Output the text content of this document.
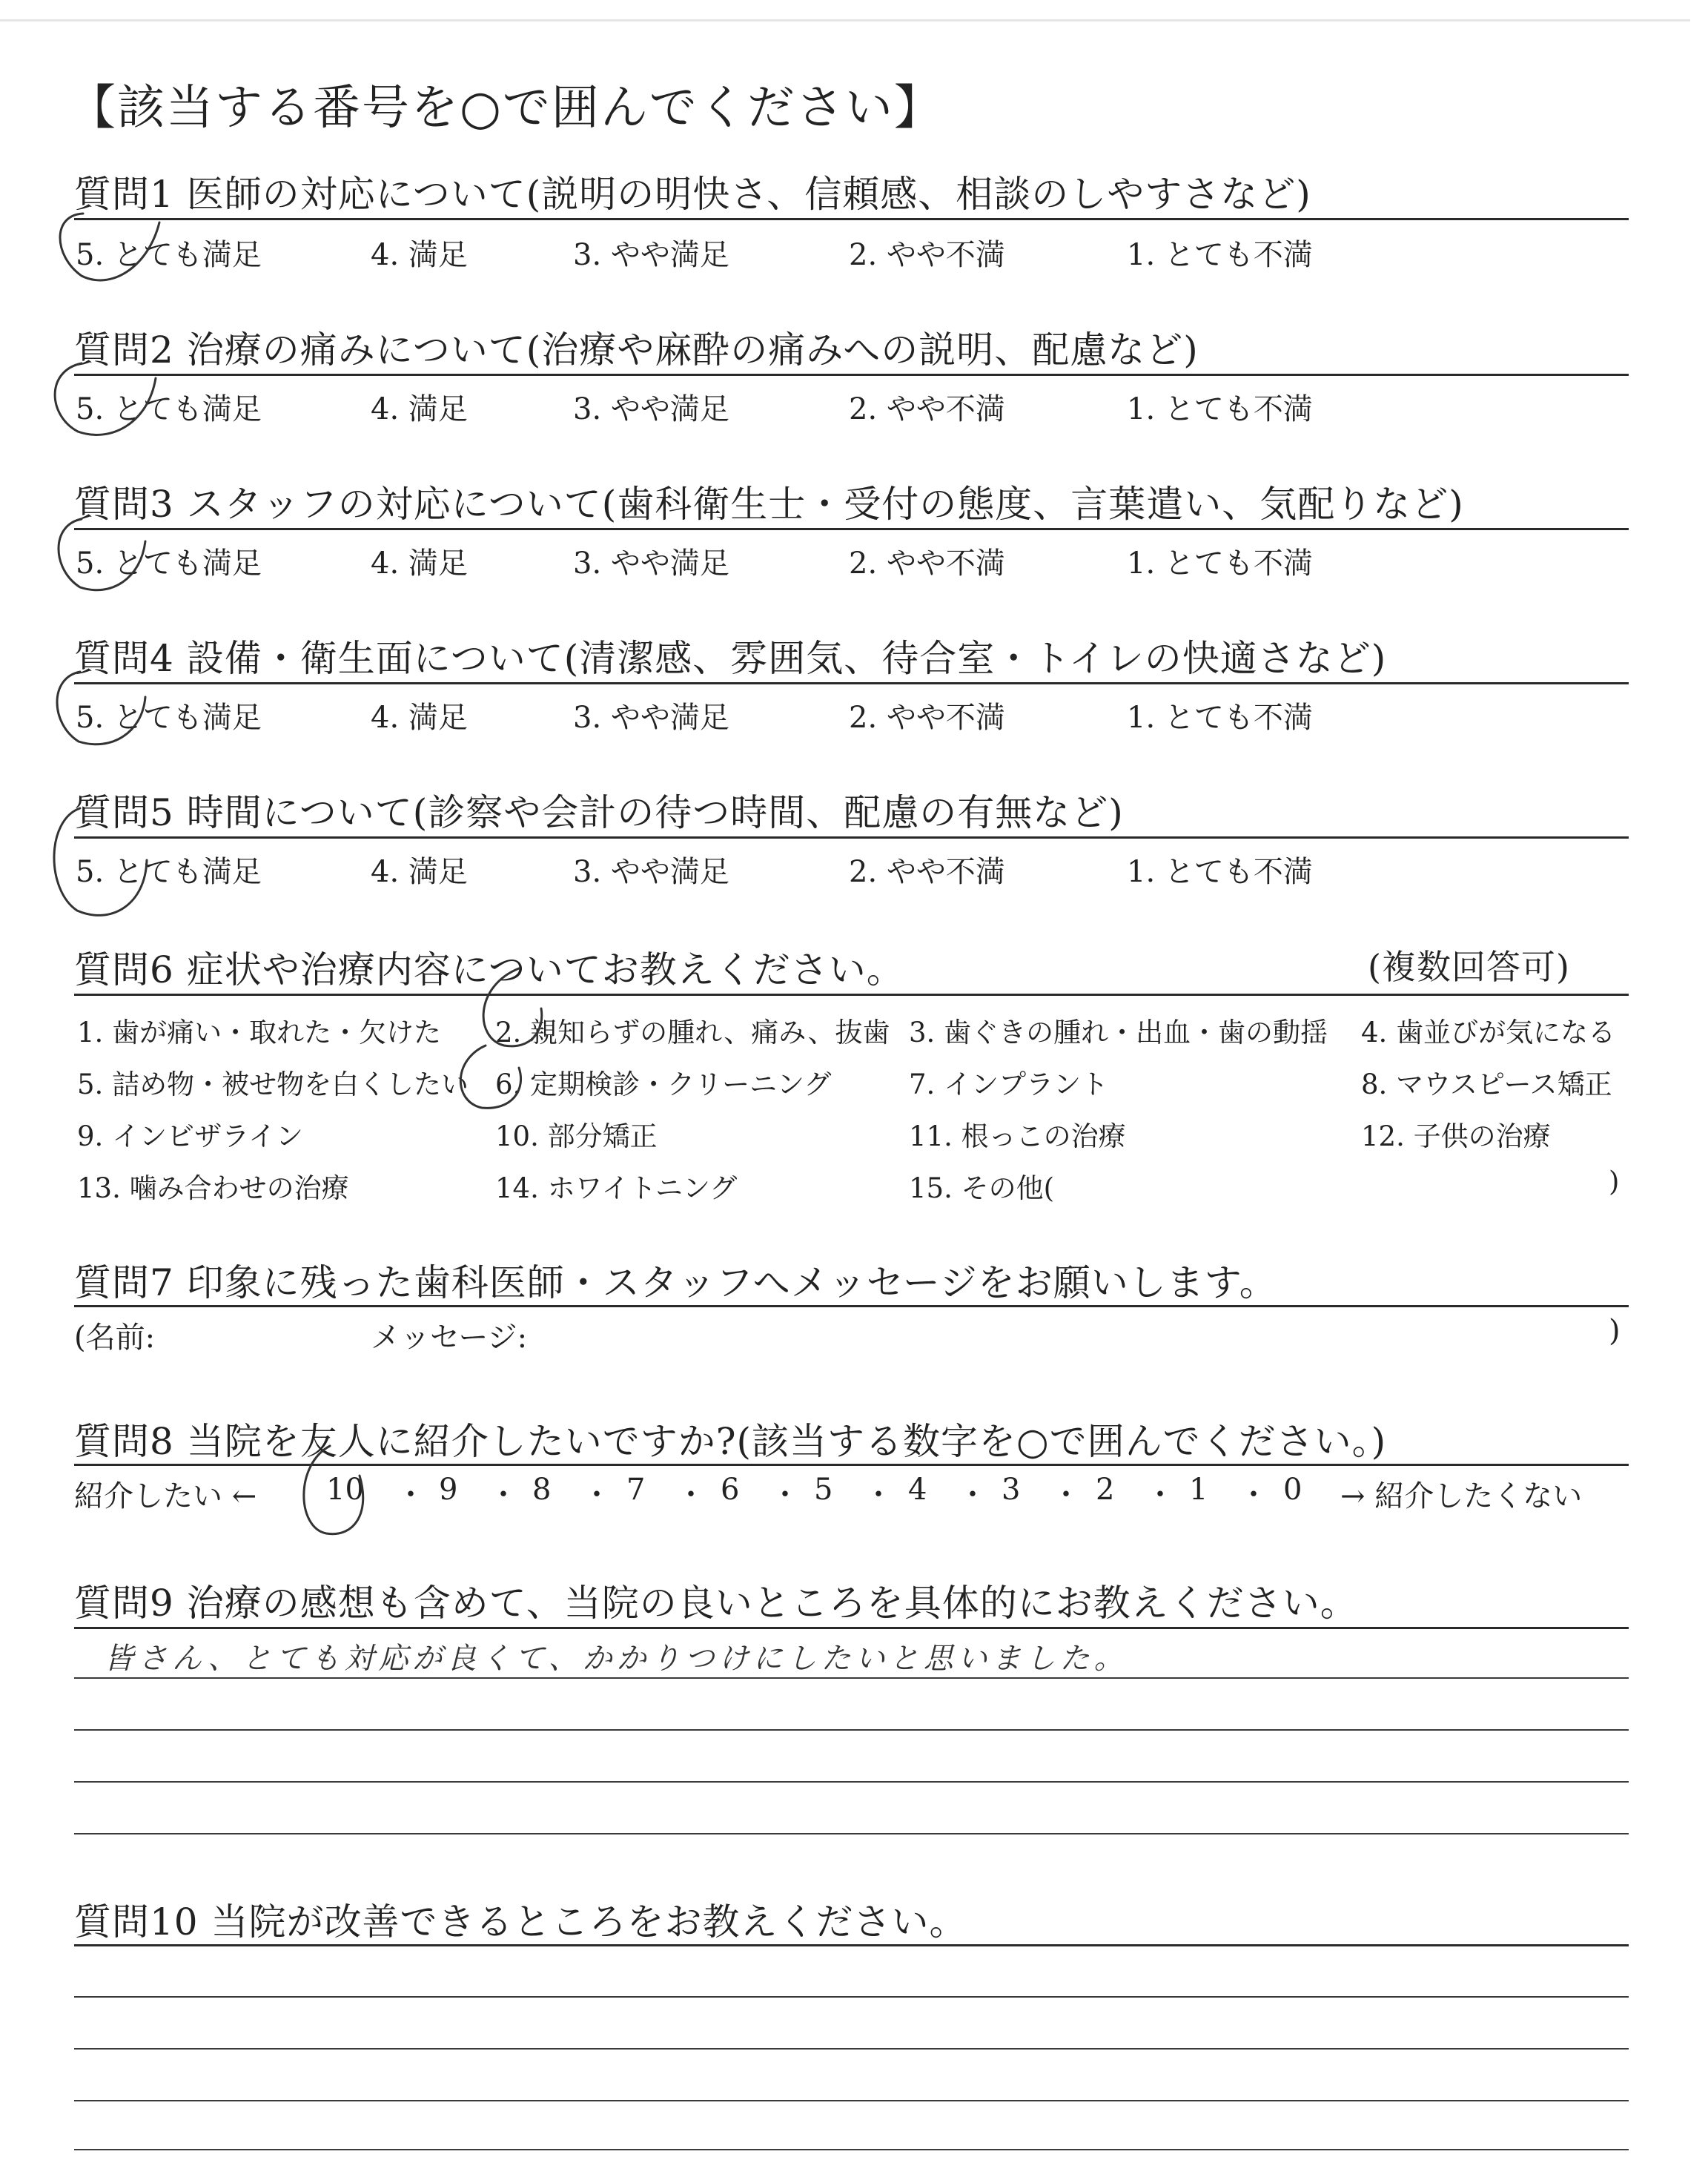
【該当する番号を○で囲んでください】
質問1 医師の対応について(説明の明快さ、信頼感、相談のしやすさなど)
5. とても満足	4. 満足	3. やや満足	2. やや不満	1. とても不満
質問2 治療の痛みについて(治療や麻酔の痛みへの説明、配慮など)
5. とても満足	4. 満足	3. やや満足	2. やや不満	1. とても不満
質問3 スタッフの対応について(歯科衛生士・受付の態度、言葉遣い、気配りなど)
5. とても満足	4. 満足	3. やや満足	2. やや不満	1. とても不満
質問4 設備・衛生面について(清潔感、雰囲気、待合室・トイレの快適さなど)
5. とても満足	4. 満足	3. やや満足	2. やや不満	1. とても不満
質問5 時間について(診察や会計の待つ時間、配慮の有無など)
5. とても満足	4. 満足	3. やや満足	2. やや不満	1. とても不満
質問6 症状や治療内容についてお教えください。	(複数回答可)
1. 歯が痛い・取れた・欠けた 2. 親知らずの腫れ、痛み、抜歯 3. 歯ぐきの腫れ・出血・歯の動揺 4. 歯並びが気になる
5. 詰め物・被せ物を白くしたい 6. 定期検診・クリーニング	7. インプラント	8. マウスピース矯正
9. インビザライン	10. 部分矯正	11. 根っこの治療	12. 子供の治療
13. 噛み合わせの治療	14. ホワイトニング	15. その他(	)
質問7 印象に残った歯科医師・スタッフへメッセージをお願いします。
(名前:	メッセージ:	)
質問8 当院を友人に紹介したいですか?(該当する数字を○で囲んでください。)
紹介したい ←	→ 紹介したくない
10 ・ 9 ・ 8 ・ 7 ・ 6 ・ 5 ・ 4 ・ 3 ・ 2 ・ 1 ・ 0
質問9 治療の感想も含めて、当院の良いところを具体的にお教えください。
皆さん、とても対応が良くて、かかりつけにしたいと思いました。
質問10 当院が改善できるところをお教えください。
